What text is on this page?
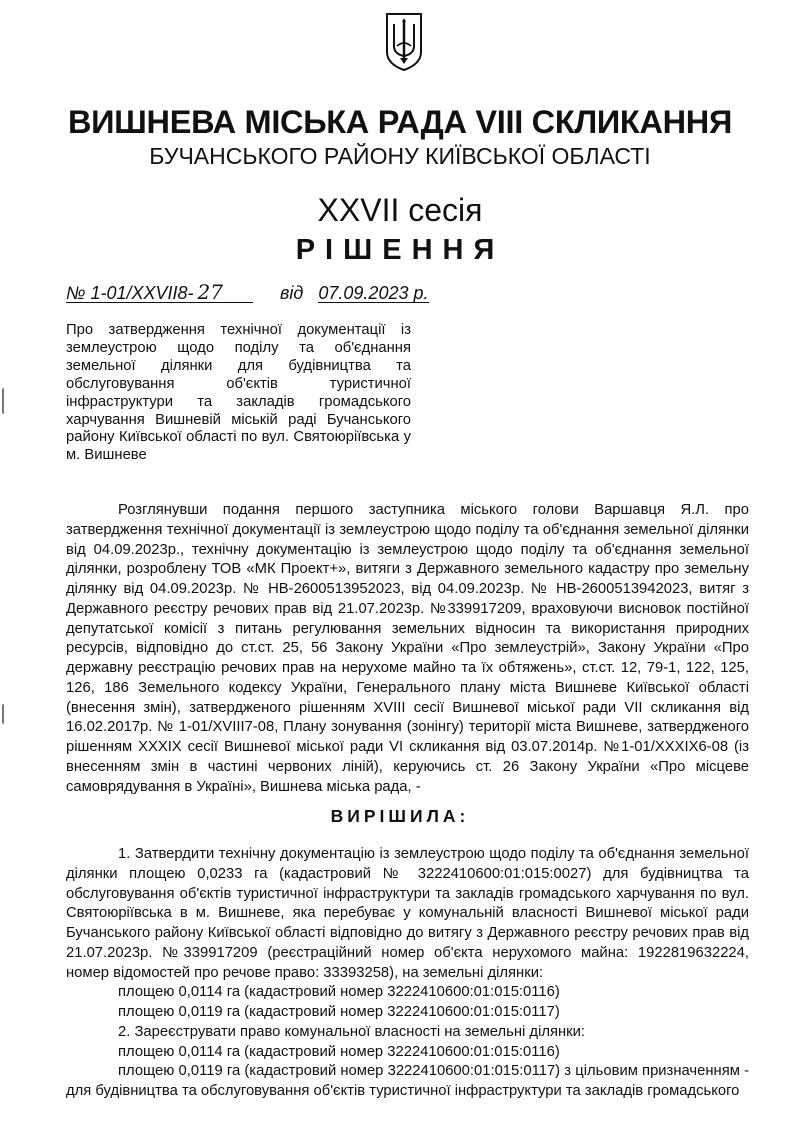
ВИШНЕВА МІСЬКА РАДА VIII СКЛИКАННЯ
БУЧАНСЬКОГО РАЙОНУ КИЇВСЬКОЇ ОБЛАСТІ
XXVII сесія
РІШЕННЯ
№ 1-01/XXVII8- 27	від 07.09.2023 р.
Про затвердження технічної документації із землеустрою щодо поділу та об'єднання земельної ділянки для будівництва та обслуговування об'єктів туристичної інфраструктури та закладів громадського харчування Вишневій міській раді Бучанського району Київської області по вул. Святоюріївська у м. Вишневе

Розглянувши подання першого заступника міського голови Варшавця Я.Л. про затвердження технічної документації із землеустрою щодо поділу та об'єднання земельної ділянки від 04.09.2023р., технічну документацію із землеустрою щодо поділу та об'єднання земельної ділянки, розроблену ТОВ «МК Проект+», витяги з Державного земельного кадастру про земельну ділянку від 04.09.2023р. № НВ-2600513952023, від 04.09.2023р. № НВ-2600513942023, витяг з Державного реєстру речових прав від 21.07.2023р. №339917209, враховуючи висновок постійної депутатської комісії з питань регулювання земельних відносин та використання природних ресурсів, відповідно до ст.ст. 25, 56 Закону України «Про землеустрій», Закону України «Про державну реєстрацію речових прав на нерухоме майно та їх обтяжень», ст.ст. 12, 79-1, 122, 125, 126, 186 Земельного кодексу України, Генерального плану міста Вишневе Київської області (внесення змін), затвердженого рішенням XVIII сесії Вишневої міської ради VII скликання від 16.02.2017р. № 1-01/XVIII7-08, Плану зонування (зонінгу) території міста Вишневе, затвердженого рішенням XXXIX сесії Вишневої міської ради VI скликання від 03.07.2014р. №1-01/XXXIX6-08 (із внесенням змін в частині червоних ліній), керуючись ст. 26 Закону України «Про місцеве самоврядування в Україні», Вишнева міська рада, -

ВИРІШИЛА:
1. Затвердити технічну документацію із землеустрою щодо поділу та об'єднання земельної ділянки площею 0,0233 га (кадастровий № 3222410600:01:015:0027) для будівництва та обслуговування об'єктів туристичної інфраструктури та закладів громадського харчування по вул. Святоюріївська в м. Вишневе, яка перебуває у комунальній власності Вишневої міської ради Бучанського району Київської області відповідно до витягу з Державного реєстру речових прав від 21.07.2023р. №339917209 (реєстраційний номер об'єкта нерухомого майна: 1922819632224, номер відомостей про речове право: 33393258), на земельні ділянки:
площею 0,0114 га (кадастровий номер 3222410600:01:015:0116)
площею 0,0119 га (кадастровий номер 3222410600:01:015:0117)
2. Зареєструвати право комунальної власності на земельні ділянки:
площею 0,0114 га (кадастровий номер 3222410600:01:015:0116)
площею 0,0119 га (кадастровий номер 3222410600:01:015:0117) з цільовим призначенням - для будівництва та обслуговування об'єктів туристичної інфраструктури та закладів громадського
